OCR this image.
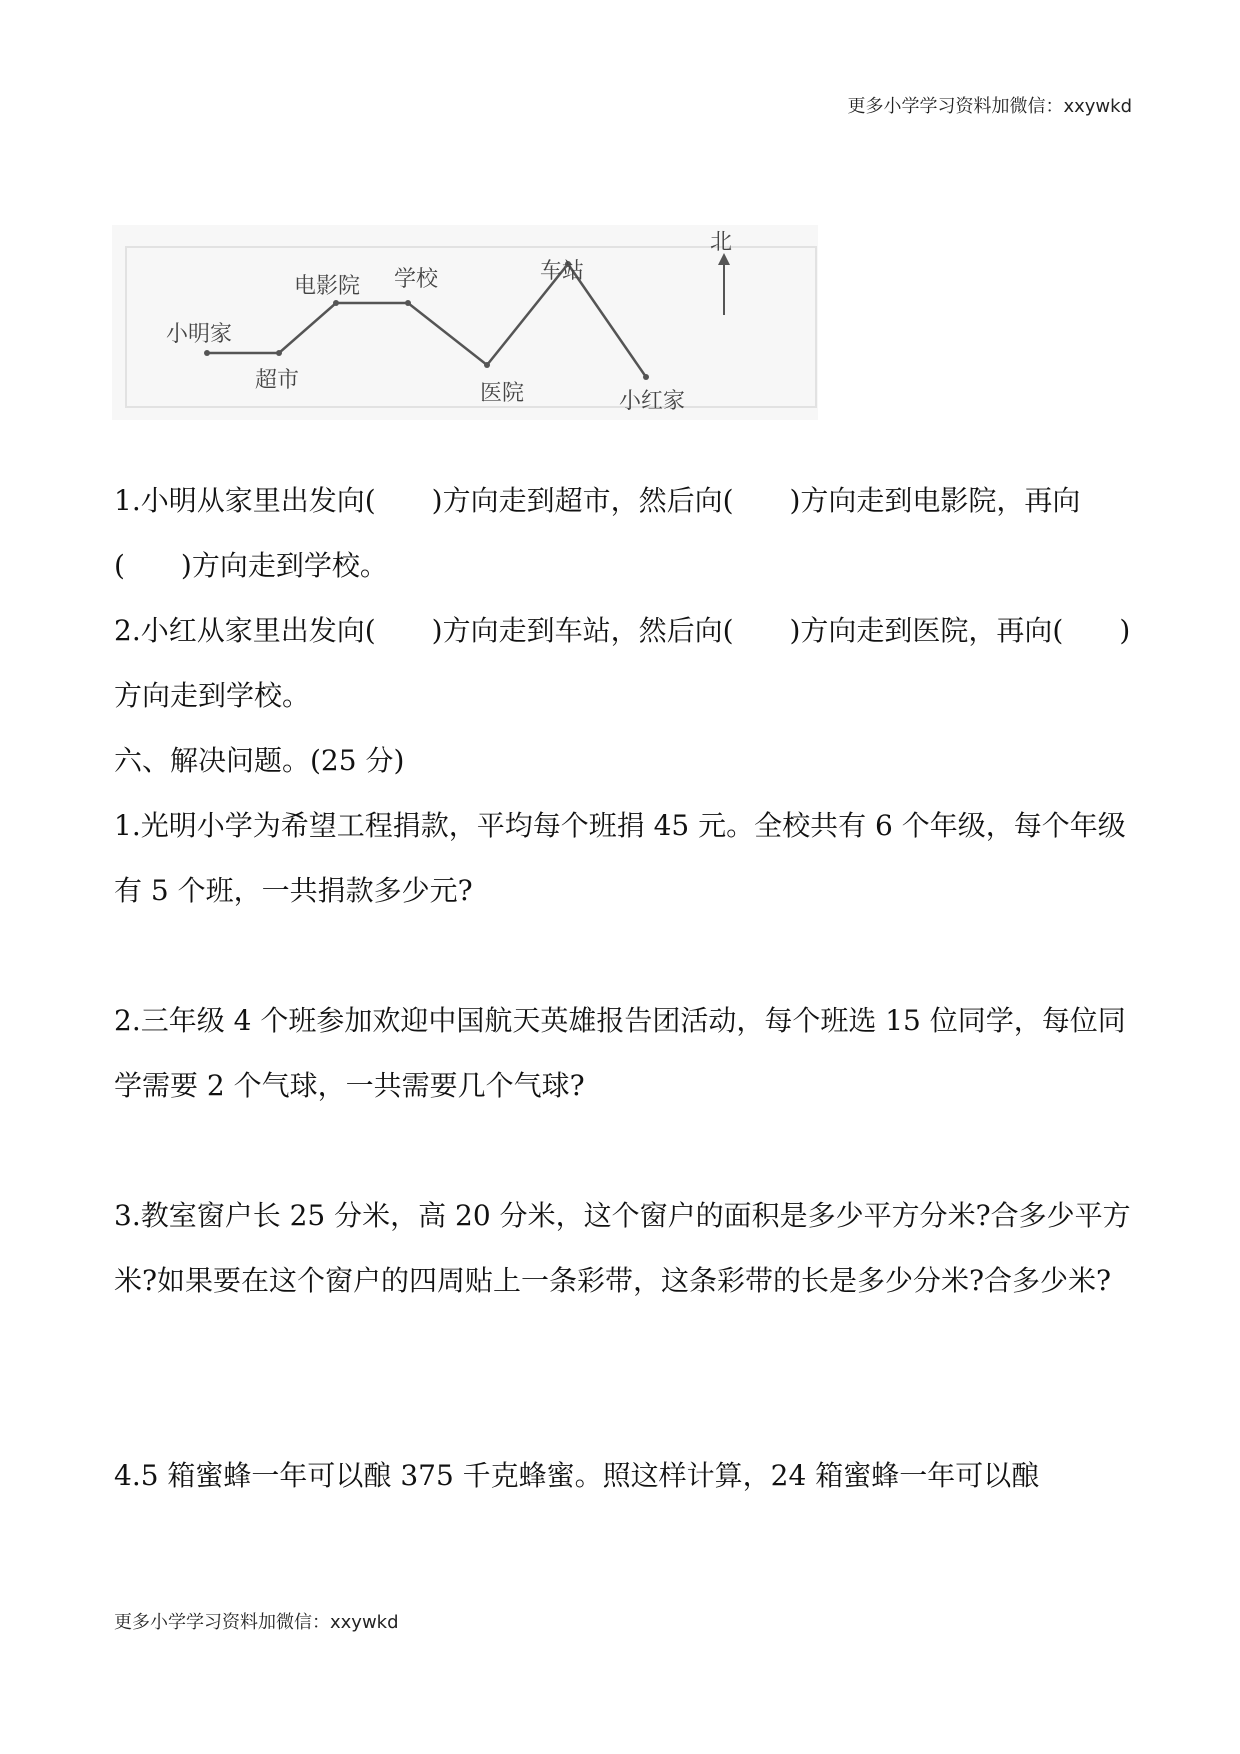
更多小学学习资料加微信：xxywkd
小明家
超市
电影院 学校	车站
医院	小红家
北

1.小明从家里出发向(　　)方向走到超市，然后向(　　)方向走到电影院，再向(　　)方向走到学校。

2.小红从家里出发向(　　)方向走到车站，然后向(　　)方向走到医院，再向(　　)方向走到学校。

六、解决问题。(25 分)

1.光明小学为希望工程捐款，平均每个班捐 45 元。全校共有 6 个年级，每个年级有 5 个班，一共捐款多少元?

2.三年级 4 个班参加欢迎中国航天英雄报告团活动，每个班选 15 位同学，每位同学需要 2 个气球，一共需要几个气球?

3.教室窗户长 25 分米，高 20 分米，这个窗户的面积是多少平方分米?合多少平方米?如果要在这个窗户的四周贴上一条彩带，这条彩带的长是多少分米?合多少米?

4.5 箱蜜蜂一年可以酿 375 千克蜂蜜。照这样计算，24 箱蜜蜂一年可以酿

更多小学学习资料加微信：xxywkd
